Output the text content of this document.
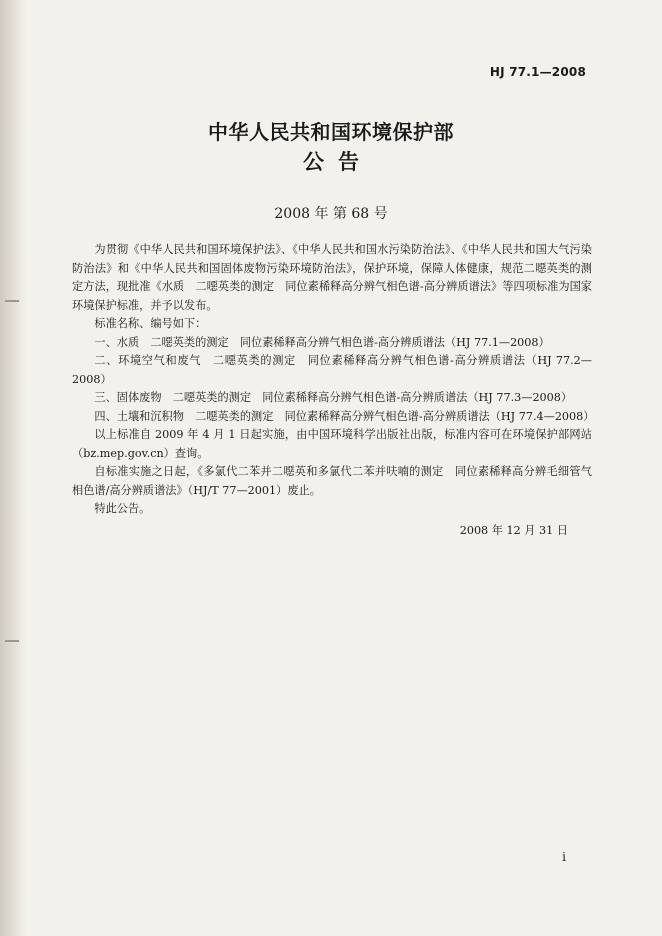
HJ 77.1—2008
中华人民共和国环境保护部
公告
2008 年 第 68 号

为贯彻《中华人民共和国环境保护法》、《中华人民共和国水污染防治法》、《中华人民共和国大气污染防治法》和《中华人民共和国固体废物污染环境防治法》，保护环境，保障人体健康，规范二噁英类的测定方法，现批准《水质　二噁英类的测定　同位素稀释高分辨气相色谱-高分辨质谱法》等四项标准为国家环境保护标准，并予以发布。

标准名称、编号如下：

一、水质　二噁英类的测定　同位素稀释高分辨气相色谱-高分辨质谱法（HJ 77.1—2008）

二、环境空气和废气　二噁英类的测定　同位素稀释高分辨气相色谱-高分辨质谱法（HJ 77.2—2008）

三、固体废物　二噁英类的测定　同位素稀释高分辨气相色谱-高分辨质谱法（HJ 77.3—2008）

四、土壤和沉积物　二噁英类的测定　同位素稀释高分辨气相色谱-高分辨质谱法（HJ 77.4—2008）

以上标准自 2009 年 4 月 1 日起实施，由中国环境科学出版社出版，标准内容可在环境保护部网站（bz.mep.gov.cn）查询。

自标准实施之日起，《多氯代二苯并二噁英和多氯代二苯并呋喃的测定　同位素稀释高分辨毛细管气相色谱/高分辨质谱法》（HJ/T 77—2001）废止。

特此公告。

2008 年 12 月 31 日
i
